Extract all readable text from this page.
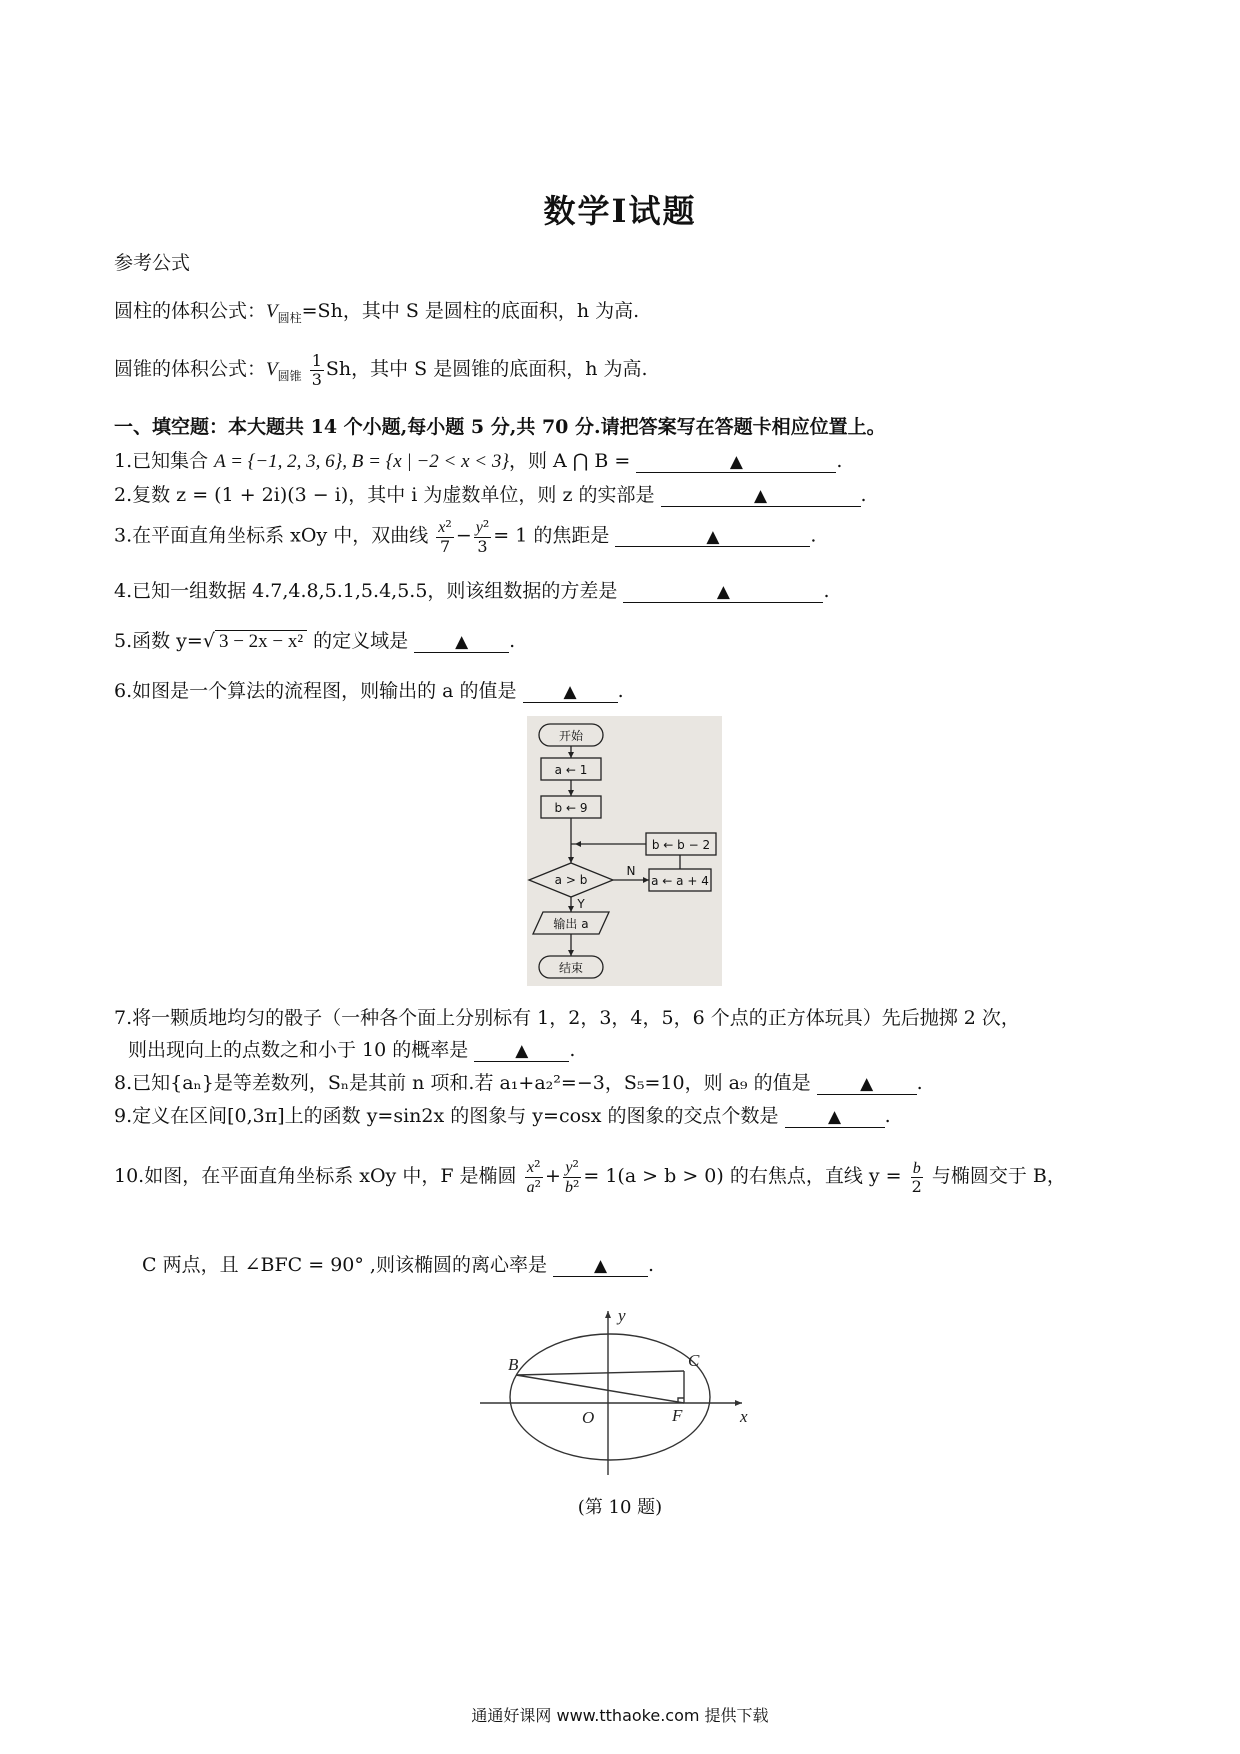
数学Ⅰ试题
参考公式
圆柱的体积公式：$V_{圆柱}=Sh$，其中 S 是圆柱的底面积，h 为高.
圆锥的体积公式：$V_{圆锥} \frac{1}{3}$ Sh，其中 S 是圆锥的底面积，h 为高.
一、填空题：本大题共 14 个小题,每小题 5 分,共 70 分.请把答案写在答题卡相应位置上。
1.已知集合 A = {−1, 2, 3, 6}, B = {x | −2 < x < 3}，则 A ⋂ B =	▲	.
2.复数 z = (1 + 2i)(3 − i)，其中 i 为虚数单位，则 z 的实部是	▲	.
3.在平面直角坐标系 xOy 中，双曲线 $\frac{\text{x²}}{7} - \frac{\text{y²}}{3} = 1$ 的焦距是	▲	.
4.已知一组数据 4.7,4.8,5.1,5.4,5.5，则该组数据的方差是	▲	.
5.函数 y=√ 3 − 2x − x² 的定义域是	▲ .
6.如图是一个算法的流程图，则输出的 a 的值是	▲ .
开始
a ← 1
b ← 9
b ← b − 2
a > b
N
a ← a + 4
Y
输出 a
结束
7.将一颗质地均匀的骰子（一种各个面上分别标有 1，2，3，4，5，6 个点的正方体玩具）先后抛掷 2 次，
则出现向上的点数之和小于 10 的概率是	▲ .
8.已知{aₙ}是等差数列，Sₙ是其前 n 项和.若 a₁+a₂²=−3，S₅=10，则 a₉ 的值是	▲ .
9.定义在区间[0,3π]上的函数 y=sin2x 的图象与 y=cosx 的图象的交点个数是	▲ .
10.如图，在平面直角坐标系 xOy 中，F 是椭圆 $\frac{\text{x²}}{\text{a²}} + \frac{\text{y²}}{\text{b²}} = 1(a > b > 0)$ 的右焦点，直线 $y = \frac{b}{2}$ 与椭圆交于 B，
C 两点，且 ∠BFC = 90° ,则该椭圆的离心率是	▲ .
y
x
B	C
O	F
(第 10 题)
通通好课网 www.tthaoke.com 提供下载
